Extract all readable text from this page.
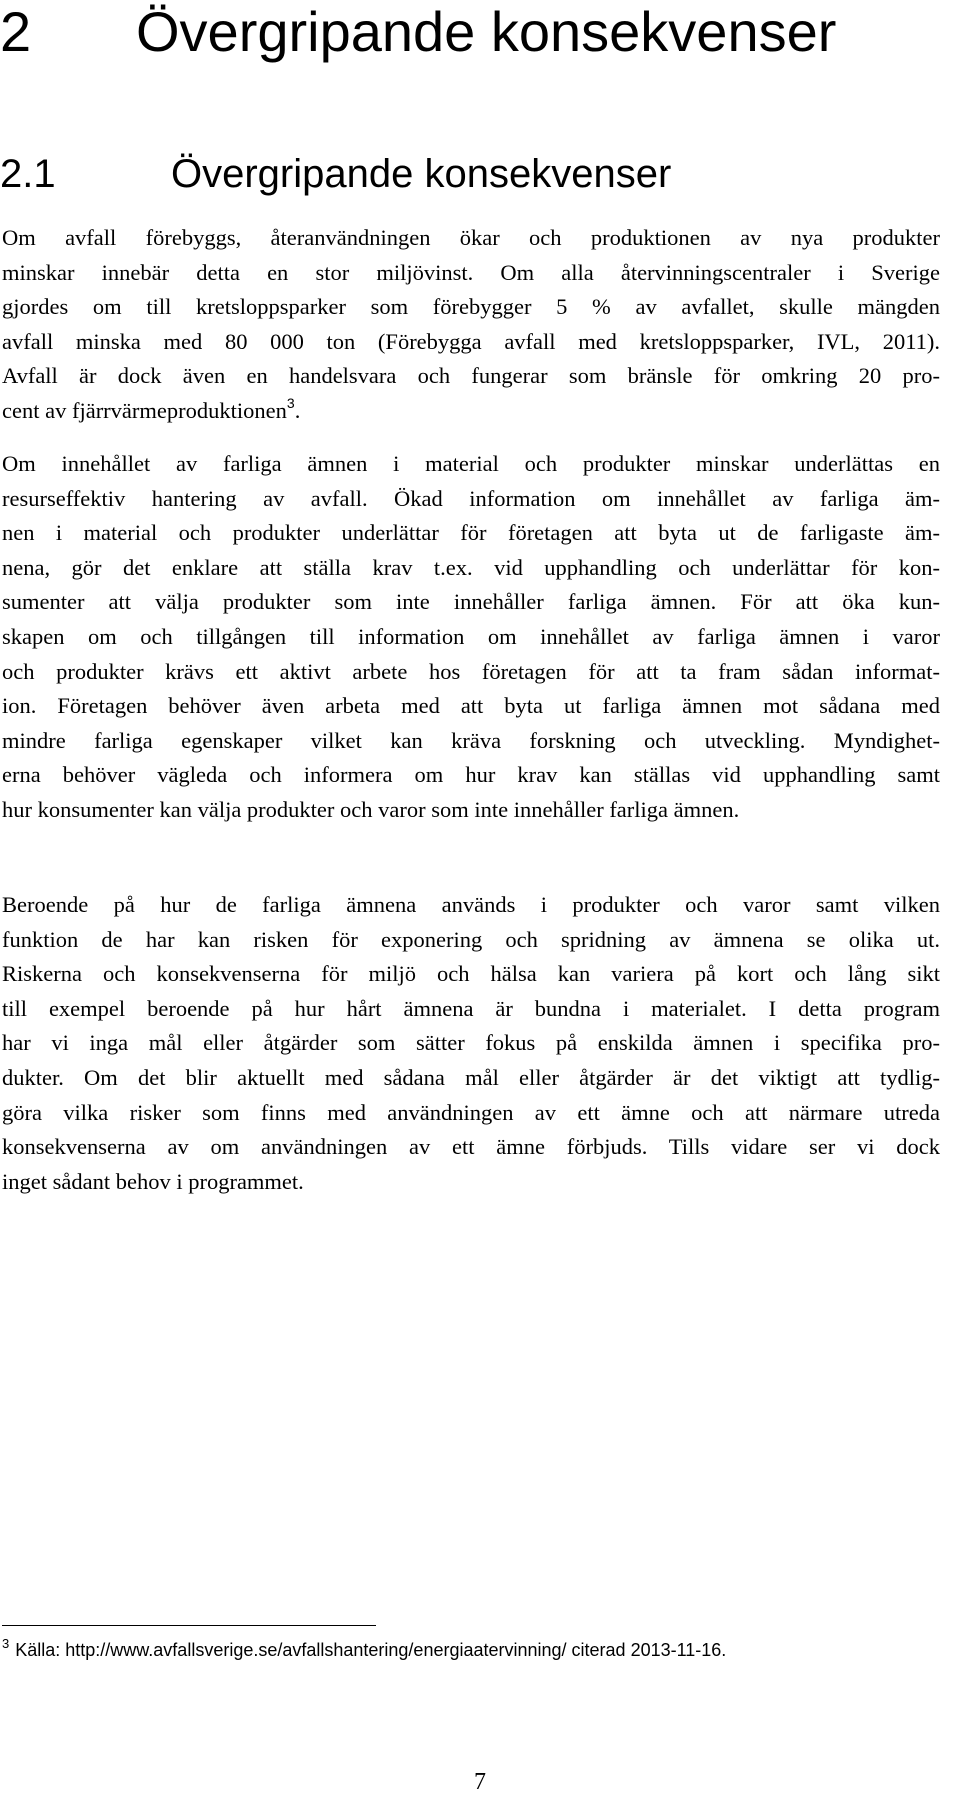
2 Övergripande konsekvenser
2.1	Övergripande konsekvenser

Om avfall förebyggs, återanvändningen ökar och produktionen av nya produkter
minskar innebär detta en stor miljövinst. Om alla återvinningscentraler i Sverige
gjordes om till kretsloppsparker som förebygger 5 % av avfallet, skulle mängden
avfall minska med 80 000 ton (Förebygga avfall med kretsloppsparker, IVL, 2011).
Avfall är dock även en handelsvara och fungerar som bränsle för omkring 20 pro-
cent av fjärrvärmeproduktionen$^3$.

Om innehållet av farliga ämnen i material och produkter minskar underlättas en
resurseffektiv hantering av avfall. Ökad information om innehållet av farliga äm-
nen i material och produkter underlättar för företagen att byta ut de farligaste äm-
nena, gör det enklare att ställa krav t.ex. vid upphandling och underlättar för kon-
sumenter att välja produkter som inte innehåller farliga ämnen. För att öka kun-
skapen om och tillgången till information om innehållet av farliga ämnen i varor
och produkter krävs ett aktivt arbete hos företagen för att ta fram sådan informat-
ion. Företagen behöver även arbeta med att byta ut farliga ämnen mot sådana med
mindre farliga egenskaper vilket kan kräva forskning och utveckling. Myndighet-
erna behöver vägleda och informera om hur krav kan ställas vid upphandling samt
hur konsumenter kan välja produkter och varor som inte innehåller farliga ämnen.

Beroende på hur de farliga ämnena används i produkter och varor samt vilken
funktion de har kan risken för exponering och spridning av ämnena se olika ut.
Riskerna och konsekvenserna för miljö och hälsa kan variera på kort och lång sikt
till exempel beroende på hur hårt ämnena är bundna i materialet. I detta program
har vi inga mål eller åtgärder som sätter fokus på enskilda ämnen i specifika pro-
dukter. Om det blir aktuellt med sådana mål eller åtgärder är det viktigt att tydlig-
göra vilka risker som finns med användningen av ett ämne och att närmare utreda
konsekvenserna av om användningen av ett ämne förbjuds. Tills vidare ser vi dock
inget sådant behov i programmet.

$^3$ Källa: http://www.avfallsverige.se/avfallshantering/energiaatervinning/ citerad 2013-11-16.

7
